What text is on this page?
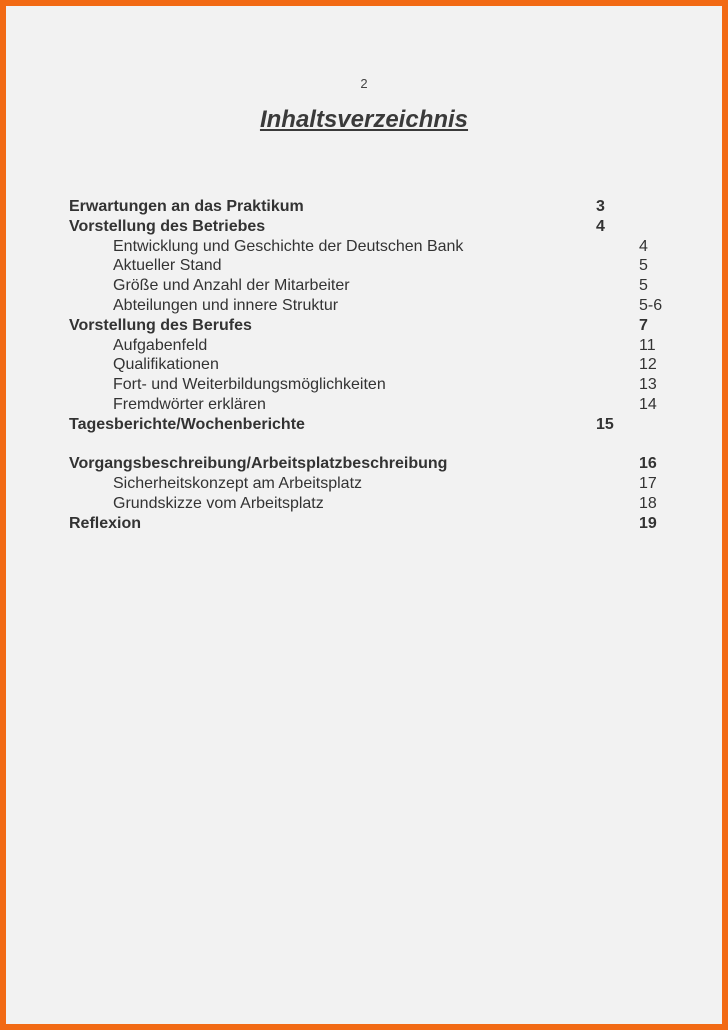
2
Inhaltsverzeichnis
Erwartungen an das Praktikum	3
Vorstellung des Betriebes	4
Entwicklung und Geschichte der Deutschen Bank	4
Aktueller Stand	5
Größe und Anzahl der Mitarbeiter	5
Abteilungen und innere Struktur	5-6
Vorstellung des Berufes	7
Aufgabenfeld	11
Qualifikationen	12
Fort- und Weiterbildungsmöglichkeiten	13
Fremdwörter erklären	14
Tagesberichte/Wochenberichte	15
Vorgangsbeschreibung/Arbeitsplatzbeschreibung	16
Sicherheitskonzept am Arbeitsplatz	17
Grundskizze vom Arbeitsplatz	18
Reflexion	19
